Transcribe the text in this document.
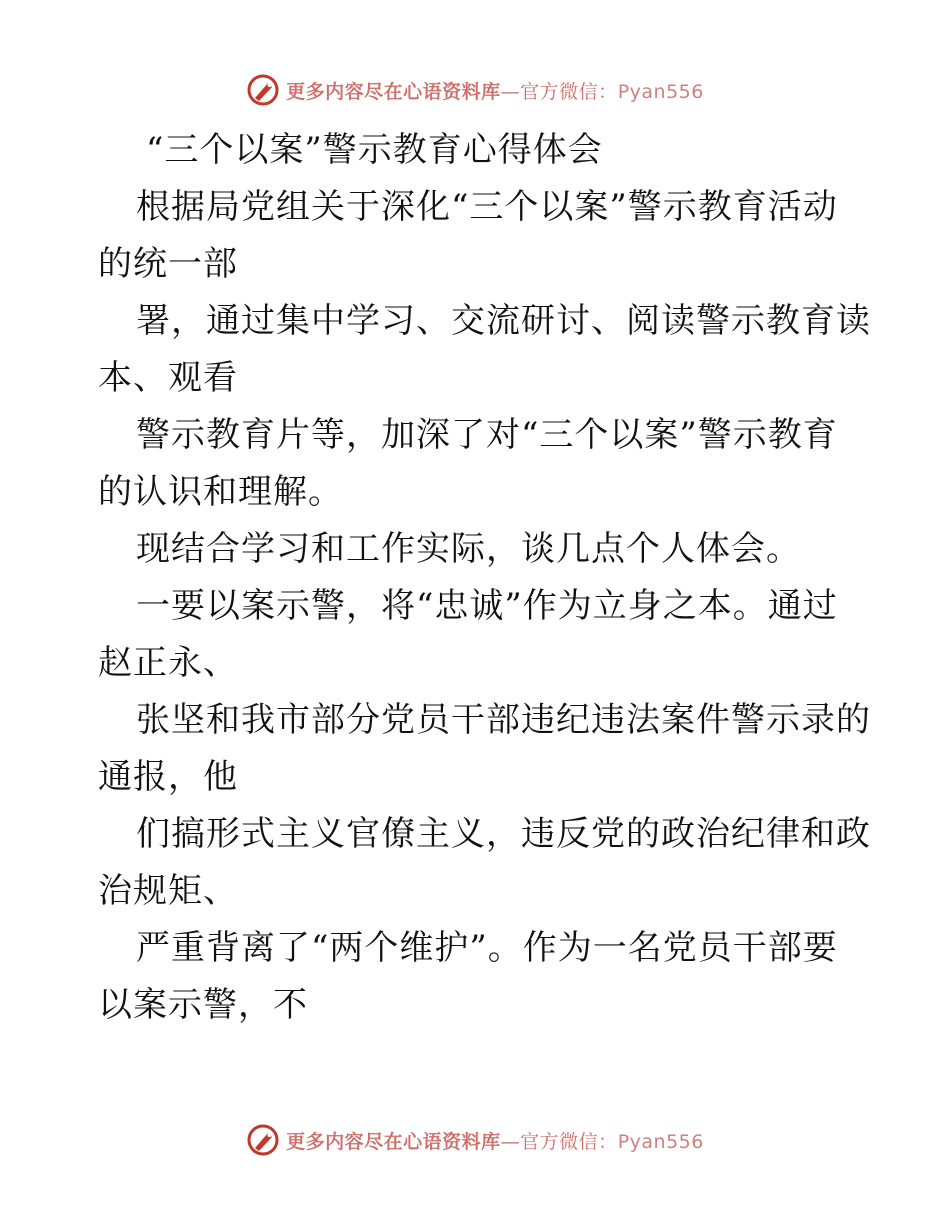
更多内容尽在心语资料库—官方微信：Pyan556
“三个以案”警示教育心得体会
根据局党组关于深化“三个以案”警示教育活动
的统一部
署，通过集中学习、交流研讨、阅读警示教育读
本、观看
警示教育片等，加深了对“三个以案”警示教育
的认识和理解。
现结合学习和工作实际，谈几点个人体会。
一要以案示警，将“忠诚”作为立身之本。通过
赵正永、
张坚和我市部分党员干部违纪违法案件警示录的
通报，他
们搞形式主义官僚主义，违反党的政治纪律和政
治规矩、
严重背离了“两个维护”。作为一名党员干部要
以案示警，不
更多内容尽在心语资料库—官方微信：Pyan556
